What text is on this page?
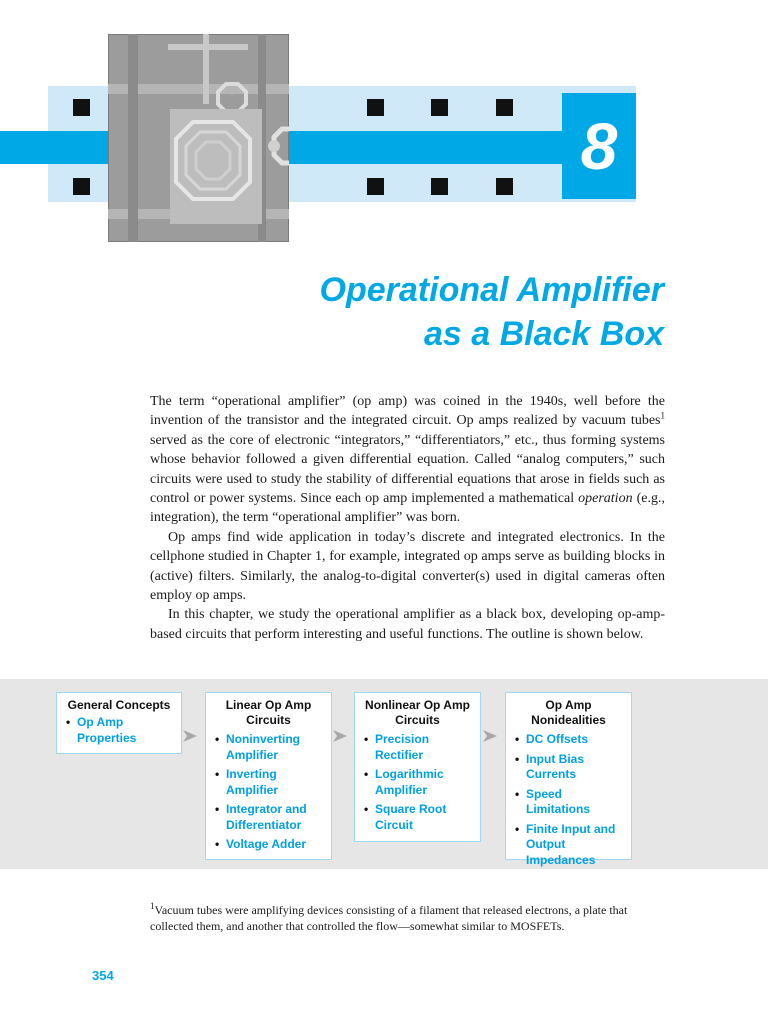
8
Operational Amplifier
as a Black Box

The term “operational amplifier” (op amp) was coined in the 1940s, well before the invention of the transistor and the integrated circuit. Op amps realized by vacuum tubes$^1$ served as the core of electronic “integrators,” “differentiators,” etc., thus forming systems whose behavior followed a given differential equation. Called “analog computers,” such circuits were used to study the stability of differential equations that arose in fields such as control or power systems. Since each op amp implemented a mathematical operation (e.g., integration), the term “operational amplifier” was born.

Op amps find wide application in today’s discrete and integrated electronics. In the cellphone studied in Chapter 1, for example, integrated op amps serve as building blocks in (active) filters. Similarly, the analog-to-digital converter(s) used in digital cameras often employ op amps.

In this chapter, we study the operational amplifier as a black box, developing op-amp-based circuits that perform interesting and useful functions. The outline is shown below.

General Concepts
• Op Amp Properties
Linear Op Amp Circuits
• Noninverting Amplifier
• Inverting Amplifier
• Integrator and Differentiator
• Voltage Adder
Nonlinear Op Amp Circuits
• Precision Rectifier
• Logarithmic Amplifier
• Square Root Circuit
Op Amp Nonidealities
• DC Offsets
• Input Bias Currents
• Speed Limitations
• Finite Input and Output Impedances
$^1$Vacuum tubes were amplifying devices consisting of a filament that released electrons, a plate that collected them, and another that controlled the flow—somewhat similar to MOSFETs.
354
